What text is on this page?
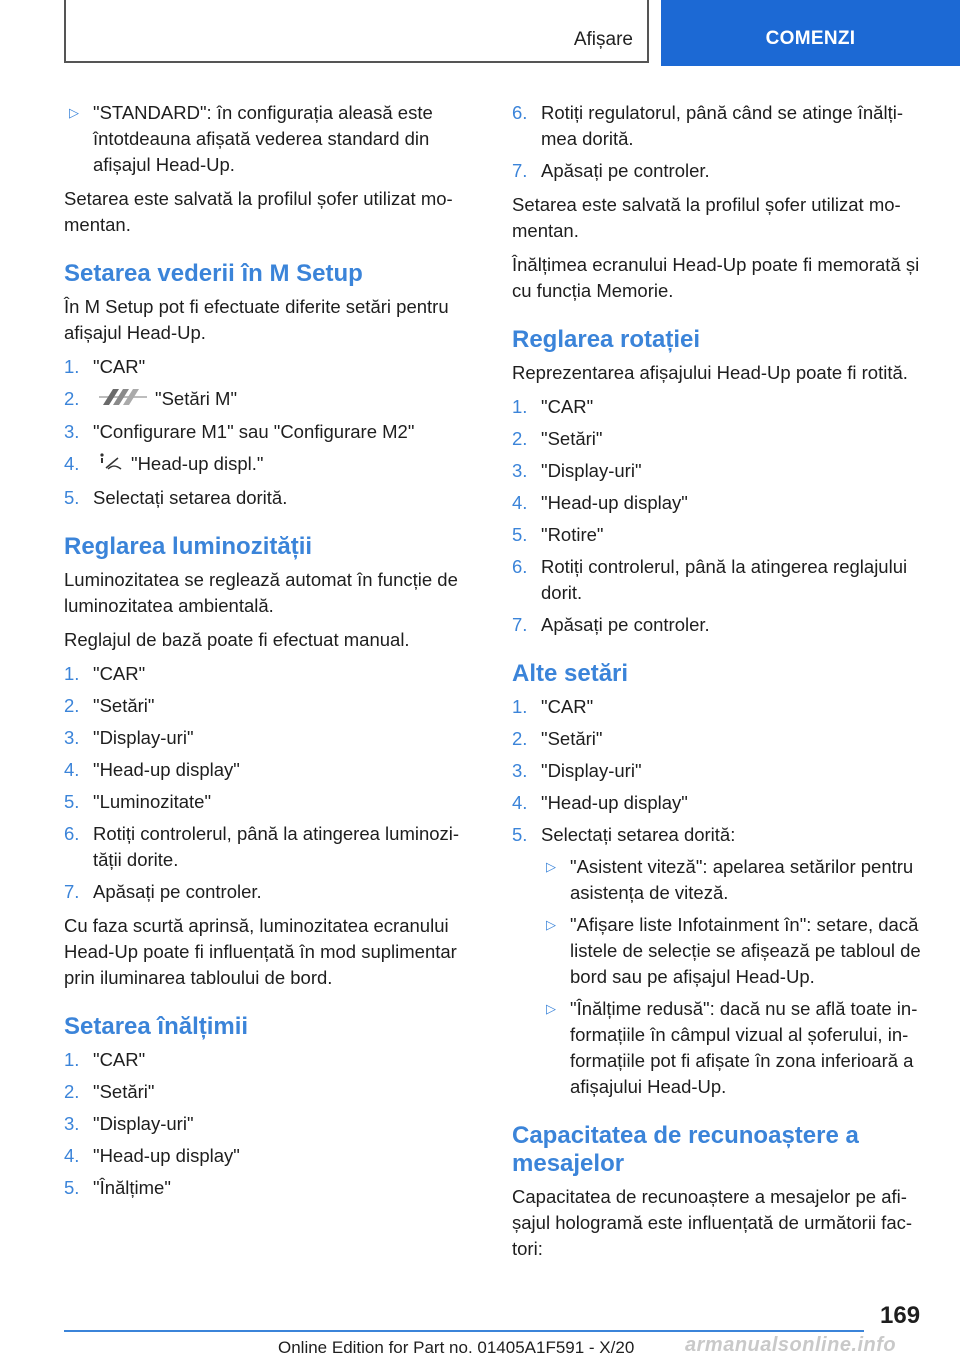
Afișare	COMENZI
▷ "STANDARD": în configurația aleasă este întotdeauna afișată vederea standard din afișajul Head-Up.

Setarea este salvată la profilul șofer utilizat mo-mentan.

Setarea vederii în M Setup

În M Setup pot fi efectuate diferite setări pentru afișajul Head-Up.

1. "CAR"
2.	"Setări M"
3. "Configurare M1" sau "Configurare M2"
4.	"Head-up displ."
5. Selectați setarea dorită.
Reglarea luminozității

Luminozitatea se reglează automat în funcție de luminozitatea ambientală.

Reglajul de bază poate fi efectuat manual.

1. "CAR"
2. "Setări"
3. "Display-uri"
4. "Head-up display"
5. "Luminozitate"
6. Rotiți controlerul, până la atingerea luminozi-tății dorite.
7. Apăsați pe controler.

Cu faza scurtă aprinsă, luminozitatea ecranului Head-Up poate fi influențată în mod suplimentar prin iluminarea tabloului de bord.

Setarea înălțimii
1. "CAR"
2. "Setări"
3. "Display-uri"
4. "Head-up display"
5. "Înălțime"
6. Rotiți regulatorul, până când se atinge înălți-mea dorită.
7. Apăsați pe controler.

Setarea este salvată la profilul șofer utilizat mo-mentan.

Înălțimea ecranului Head-Up poate fi memorată și cu funcția Memorie.

Reglarea rotației

Reprezentarea afișajului Head-Up poate fi rotită.

1. "CAR"
2. "Setări"
3. "Display-uri"
4. "Head-up display"
5. "Rotire"
6. Rotiți controlerul, până la atingerea reglajului dorit.
7. Apăsați pe controler.
Alte setări
1. "CAR"
2. "Setări"
3. "Display-uri"
4. "Head-up display"
5. Selectați setarea dorită:
▷ "Asistent viteză": apelarea setărilor pentru asistența de viteză.
▷ "Afișare liste Infotainment în": setare, dacă listele de selecție se afișează pe tabloul de bord sau pe afișajul Head-Up.
▷ "Înălțime redusă": dacă nu se află toate in-formațiile în câmpul vizual al șoferului, in-formațiile pot fi afișate în zona inferioară a afișajului Head-Up.
Capacitatea de recunoaștere a mesajelor

Capacitatea de recunoaștere a mesajelor pe afi-șajul hologramă este influențată de următorii fac-tori:

169
Online Edition for Part no. 01405A1F591 - X/20	armanualsonline.info
